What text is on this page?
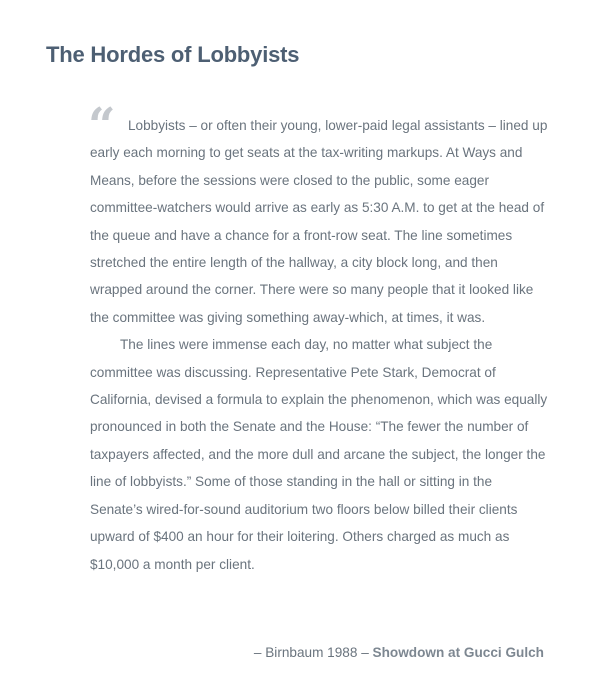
The Hordes of Lobbyists
“ Lobbyists – or often their young, lower-paid legal assistants – lined up early each morning to get seats at the tax-writing markups. At Ways and Means, before the sessions were closed to the public, some eager committee-watchers would arrive as early as 5:30 A.M. to get at the head of the queue and have a chance for a front-row seat. The line sometimes stretched the entire length of the hallway, a city block long, and then wrapped around the corner. There were so many people that it looked like the committee was giving something away-which, at times, it was.

The lines were immense each day, no matter what subject the committee was discussing. Representative Pete Stark, Democrat of California, devised a formula to explain the phenomenon, which was equally pronounced in both the Senate and the House: “The fewer the number of taxpayers affected, and the more dull and arcane the subject, the longer the line of lobbyists.” Some of those standing in the hall or sitting in the Senate’s wired-for-sound auditorium two floors below billed their clients upward of $400 an hour for their loitering. Others charged as much as $10,000 a month per client.

– Birnbaum 1988 – Showdown at Gucci Gulch
